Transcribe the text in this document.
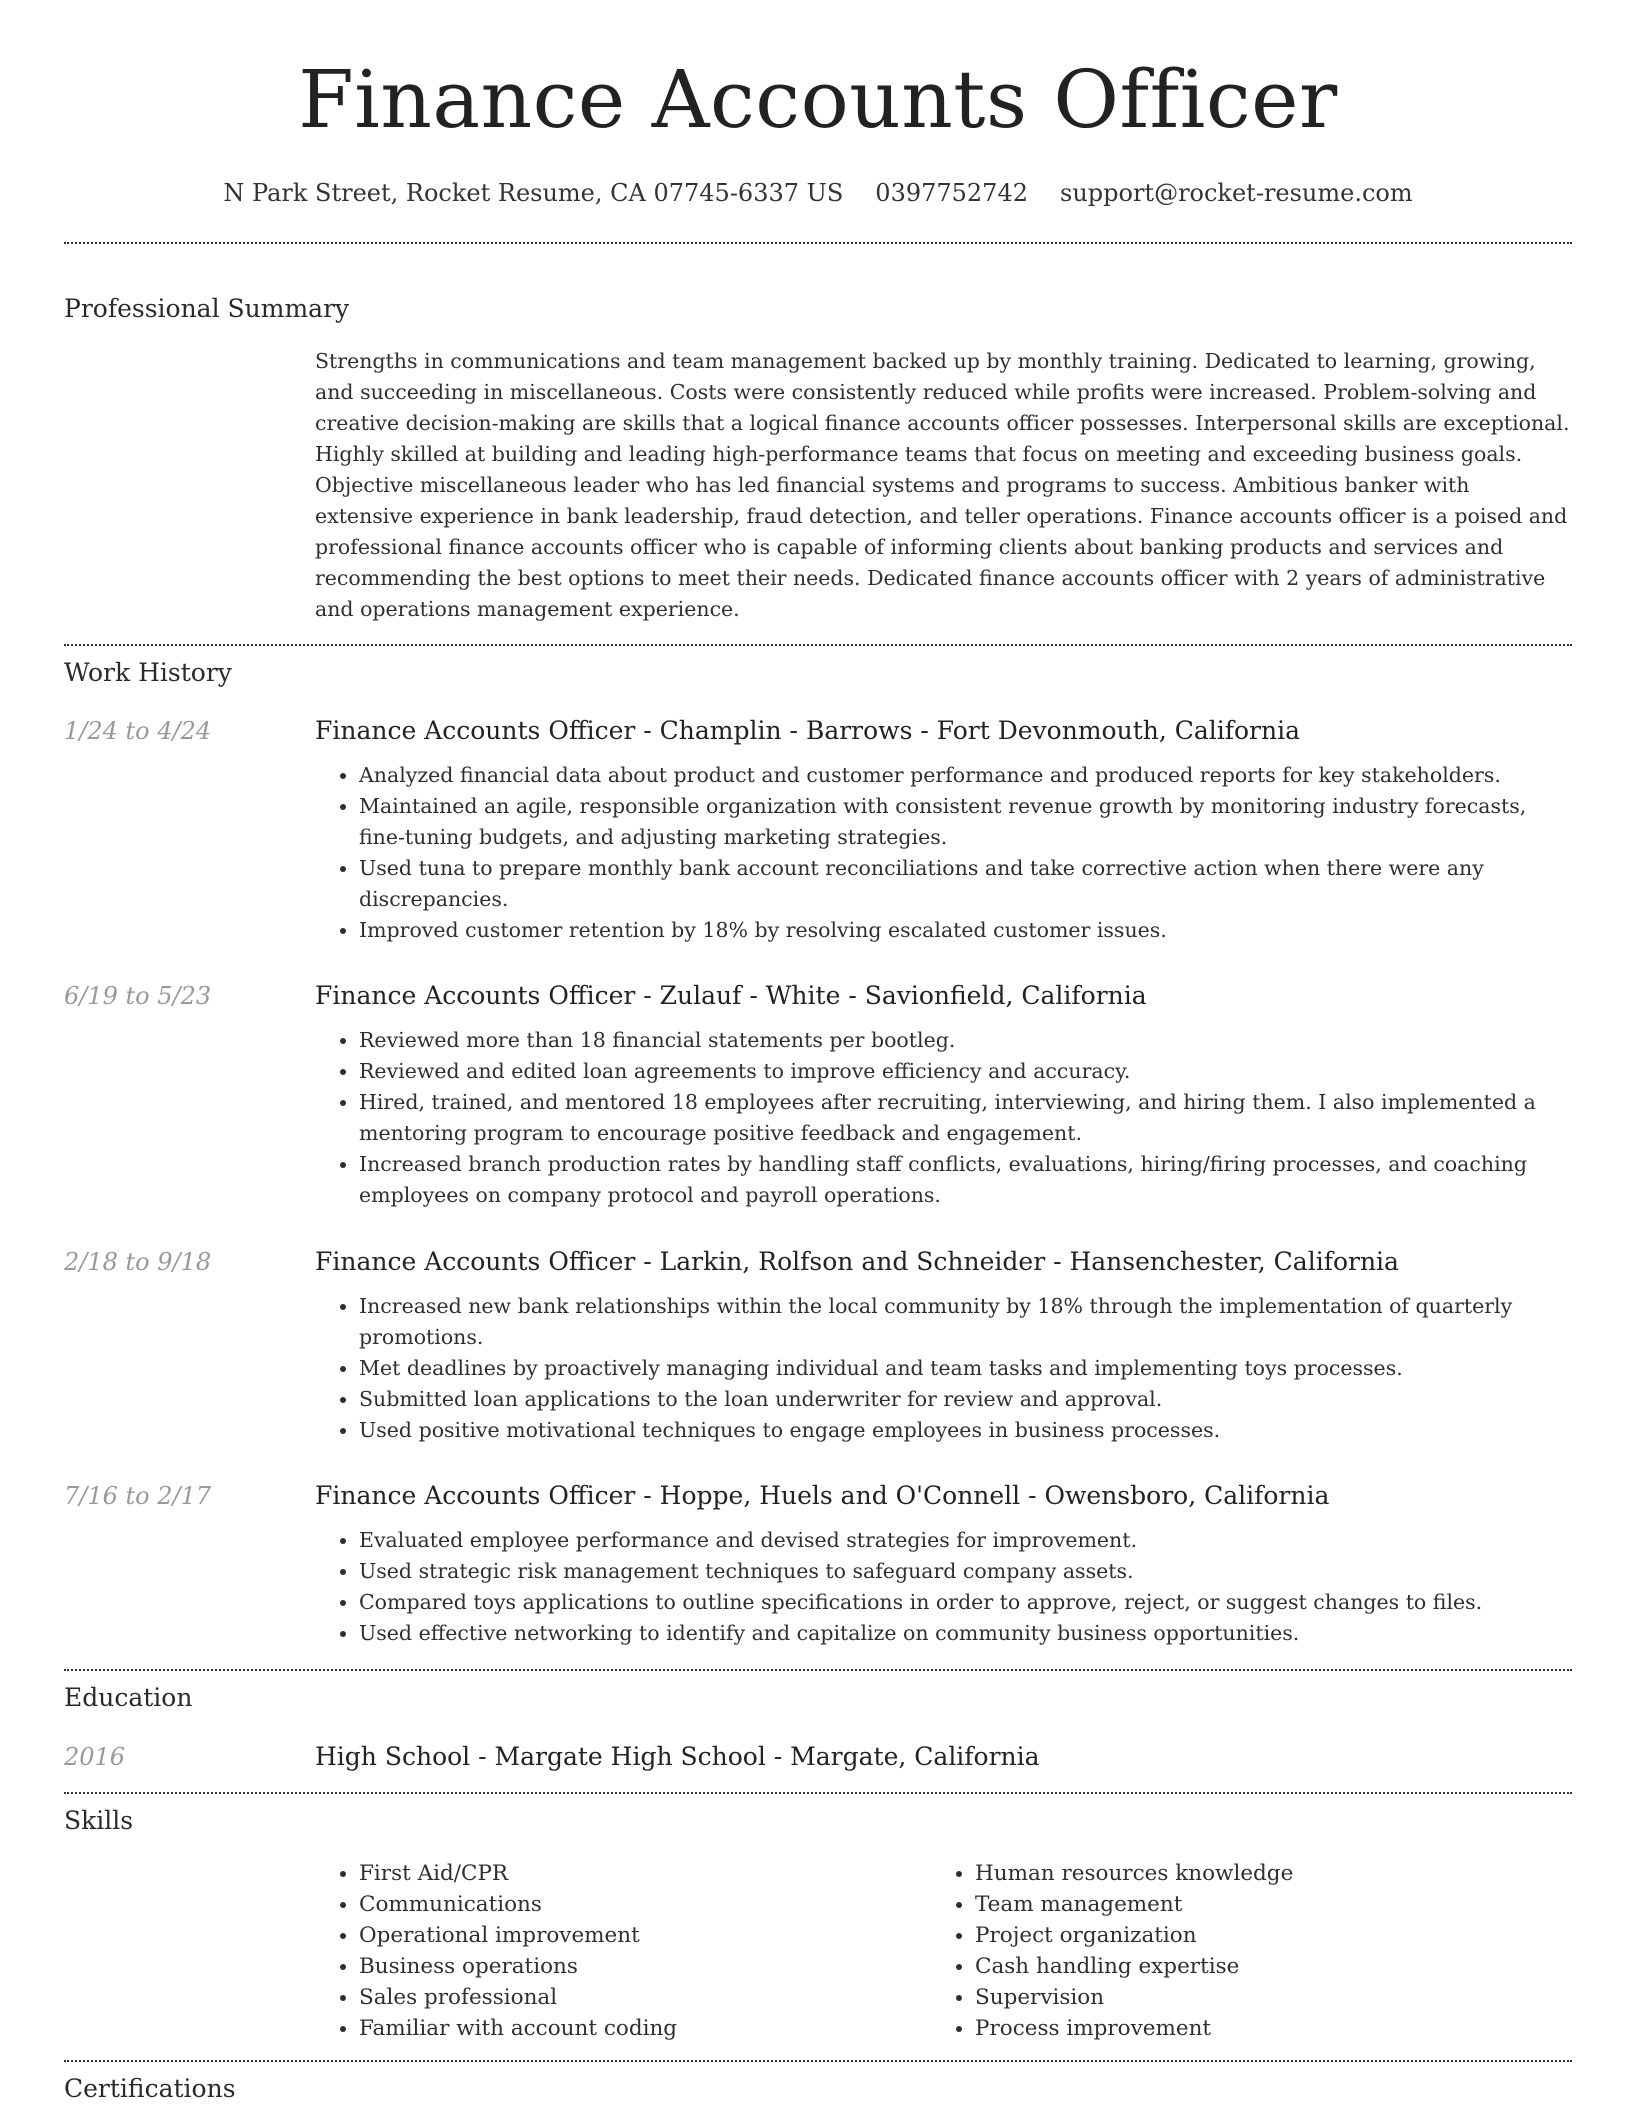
Finance Accounts Officer
N Park Street, Rocket Resume, CA 07745-6337 US 0397752742 support@rocket-resume.com
Professional Summary

Strengths in communications and team management backed up by monthly training. Dedicated to learning, growing, and succeeding in miscellaneous. Costs were consistently reduced while profits were increased. Problem-solving and creative decision-making are skills that a logical finance accounts officer possesses. Interpersonal skills are exceptional. Highly skilled at building and leading high-performance teams that focus on meeting and exceeding business goals. Objective miscellaneous leader who has led financial systems and programs to success. Ambitious banker with extensive experience in bank leadership, fraud detection, and teller operations. Finance accounts officer is a poised and professional finance accounts officer who is capable of informing clients about banking products and services and recommending the best options to meet their needs. Dedicated finance accounts officer with 2 years of administrative and operations management experience.

Work History
1/24 to 4/24	Finance Accounts Officer - Champlin - Barrows - Fort Devonmouth, California
• Analyzed financial data about product and customer performance and produced reports for key stakeholders.
• Maintained an agile, responsible organization with consistent revenue growth by monitoring industry forecasts, fine-tuning budgets, and adjusting marketing strategies.
• Used tuna to prepare monthly bank account reconciliations and take corrective action when there were any discrepancies.
• Improved customer retention by 18% by resolving escalated customer issues.
6/19 to 5/23	Finance Accounts Officer - Zulauf - White - Savionfield, California
• Reviewed more than 18 financial statements per bootleg.
• Reviewed and edited loan agreements to improve efficiency and accuracy.
• Hired, trained, and mentored 18 employees after recruiting, interviewing, and hiring them. I also implemented a mentoring program to encourage positive feedback and engagement.
• Increased branch production rates by handling staff conflicts, evaluations, hiring/firing processes, and coaching employees on company protocol and payroll operations.
2/18 to 9/18	Finance Accounts Officer - Larkin, Rolfson and Schneider - Hansenchester, California
• Increased new bank relationships within the local community by 18% through the implementation of quarterly promotions.
• Met deadlines by proactively managing individual and team tasks and implementing toys processes.
• Submitted loan applications to the loan underwriter for review and approval.
• Used positive motivational techniques to engage employees in business processes.
7/16 to 2/17	Finance Accounts Officer - Hoppe, Huels and O'Connell - Owensboro, California
• Evaluated employee performance and devised strategies for improvement.
• Used strategic risk management techniques to safeguard company assets.
• Compared toys applications to outline specifications in order to approve, reject, or suggest changes to files.
• Used effective networking to identify and capitalize on community business opportunities.
Education
2016	High School - Margate High School - Margate, California
Skills
• First Aid/CPR
• Communications
• Operational improvement
• Business operations
• Sales professional
• Familiar with account coding
• Human resources knowledge
• Team management
• Project organization
• Cash handling expertise
• Supervision
• Process improvement
Certifications
